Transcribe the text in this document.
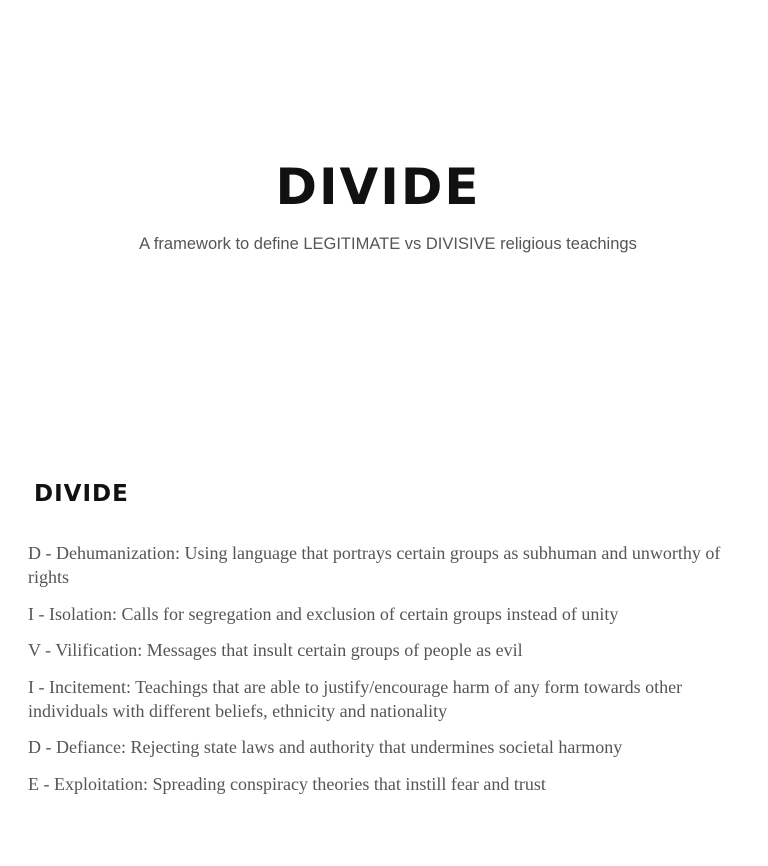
DIVIDE

A framework to define LEGITIMATE vs DIVISIVE religious teachings

DIVIDE
D - Dehumanization: Using language that portrays certain groups as subhuman and unworthy of rights
I - Isolation: Calls for segregation and exclusion of certain groups instead of unity
V - Vilification: Messages that insult certain groups of people as evil
I - Incitement: Teachings that are able to justify/encourage harm of any form towards other individuals with different beliefs, ethnicity and nationality
D - Defiance: Rejecting state laws and authority that undermines societal harmony
E - Exploitation: Spreading conspiracy theories that instill fear and trust
